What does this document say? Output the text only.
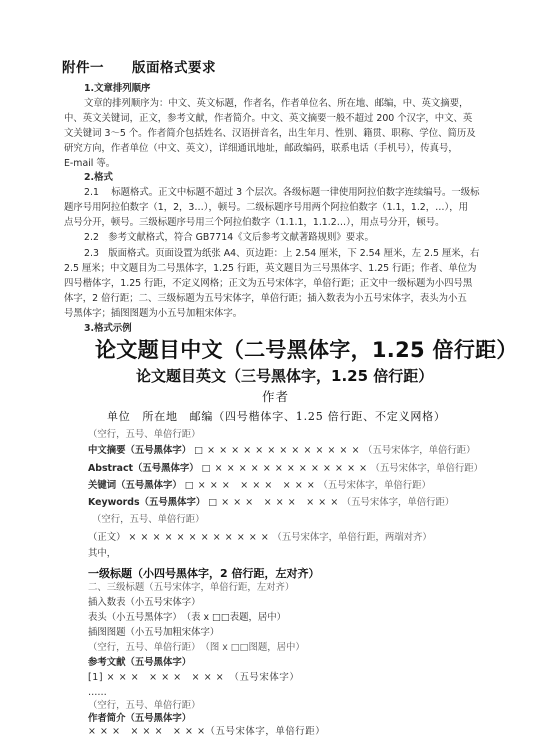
附件一　　版面格式要求
1.文章排列顺序
文章的排列顺序为：中文、英文标题，作者名，作者单位名、所在地、邮编，中、英文摘要，
中、英文关键词，正文，参考文献，作者简介。中文、英文摘要一般不超过 200 个汉字，中文、英
文关键词 3～5 个。作者简介包括姓名、汉语拼音名，出生年月、性别、籍贯、职称、学位、简历及
研究方向，作者单位（中文、英文），详细通讯地址，邮政编码，联系电话（手机号），传真号，
E-mail 等。
2.格式
2.1　 标题格式。正文中标题不超过 3 个层次。各级标题一律使用阿拉伯数字连续编号。一级标
题序号用阿拉伯数字（1，2，3…），顿号。二级标题序号用两个阿拉伯数字（1.1，1.2，…），用
点号分开，顿号。三级标题序号用三个阿拉伯数字（1.1.1，1.1.2…），用点号分开，顿号。
2.2　参考文献格式，符合 GB7714《文后参考文献著路规则》要求。
2.3　版面格式。页面设置为纸张 A4、页边距：上 2.54 厘米，下 2.54 厘米，左 2.5 厘米，右
2.5 厘米；中文题目为二号黑体字，1.25 行距，英文题目为三号黑体字、1.25 行距；作者、单位为
四号楷体字，1.25 行距，不定义网格；正文为五号宋体字，单倍行距；正文中一级标题为小四号黑
体字，2 倍行距；二、三级标题为五号宋体字，单倍行距；插入数表为小五号宋体字，表头为小五
号黑体字；插图图题为小五号加粗宋体字。
3.格式示例
论文题目中文（二号黑体字，1.25 倍行距）
论文题目英文（三号黑体字，1.25 倍行距）
作者
单位　所在地　邮编（四号楷体字、1.25 倍行距、不定义网格）
（空行，五号、单倍行距）
中文摘要（五号黑体字） □ × × × × × × × × × × × × × （五号宋体字，单倍行距）
Abstract（五号黑体字） □ × × × × × × × × × × × × × （五号宋体字，单倍行距）
关键词（五号黑体字） □ × × ×　× × ×　× × × （五号宋体字，单倍行距）
Keywords（五号黑体字） □ × × ×　× × ×　× × × （五号宋体字，单倍行距）
（空行，五号、单倍行距）
（正文） × × × × × × × × × × × × （五号宋体字，单倍行距，两端对齐）
其中，
一级标题（小四号黑体字，2 倍行距，左对齐）
二、三级标题（五号宋体字，单倍行距，左对齐）
插入数表（小五号宋体字）
表头（小五号黑体字）　（表 x □□表题，居中）
插图图题（小五号加粗宋体字）
（空行，五号、单倍行距）　（图 x □□图题，居中）
参考文献（五号黑体字）
[1] × × ×　× × ×　× × ×　（五号宋体字）
……
（空行，五号、单倍行距）
作者简介（五号黑体字）
× × ×　× × ×　× × ×（五号宋体字，单倍行距）
